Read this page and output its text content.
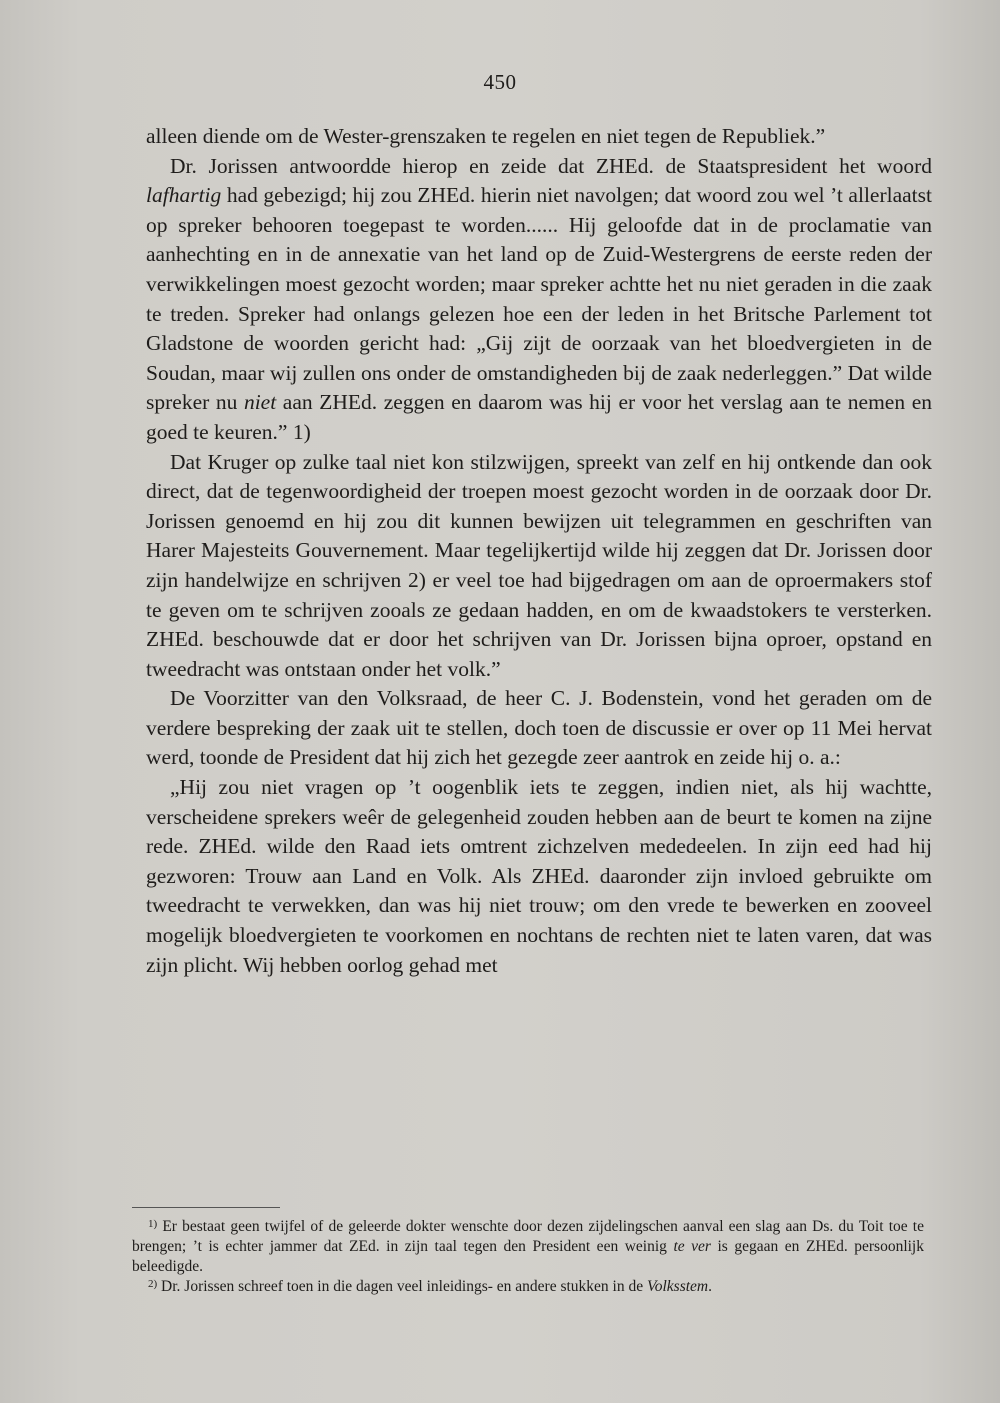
450

alleen diende om de Wester-grenszaken te regelen en niet tegen de Republiek.”

Dr. Jorissen antwoordde hierop en zeide dat ZHEd. de Staatspresident het woord lafhartig had gebezigd; hij zou ZHEd. hierin niet navolgen; dat woord zou wel ’t allerlaatst op spreker behooren toegepast te worden...... Hij geloofde dat in de proclamatie van aanhechting en in de annexatie van het land op de Zuid-Westergrens de eerste reden der verwikkelingen moest gezocht worden; maar spreker achtte het nu niet geraden in die zaak te treden. Spreker had onlangs gelezen hoe een der leden in het Britsche Parlement tot Gladstone de woorden gericht had: „Gij zijt de oorzaak van het bloedvergieten in de Soudan, maar wij zullen ons onder de omstandigheden bij de zaak nederleggen.” Dat wilde spreker nu niet aan ZHEd. zeggen en daarom was hij er voor het verslag aan te nemen en goed te keuren.” 1)

Dat Kruger op zulke taal niet kon stilzwijgen, spreekt van zelf en hij ontkende dan ook direct, dat de tegenwoordigheid der troepen moest gezocht worden in de oorzaak door Dr. Jorissen genoemd en hij zou dit kunnen bewijzen uit telegrammen en geschriften van Harer Majesteits Gouvernement. Maar tegelijkertijd wilde hij zeggen dat Dr. Jorissen door zijn handelwijze en schrijven 2) er veel toe had bijgedragen om aan de oproermakers stof te geven om te schrijven zooals ze gedaan hadden, en om de kwaadstokers te versterken. ZHEd. beschouwde dat er door het schrijven van Dr. Jorissen bijna oproer, opstand en tweedracht was ontstaan onder het volk.”

De Voorzitter van den Volksraad, de heer C. J. Bodenstein, vond het geraden om de verdere bespreking der zaak uit te stellen, doch toen de discussie er over op 11 Mei hervat werd, toonde de President dat hij zich het gezegde zeer aantrok en zeide hij o. a.:

„Hij zou niet vragen op ’t oogenblik iets te zeggen, indien niet, als hij wachtte, verscheidene sprekers weêr de gelegenheid zouden hebben aan de beurt te komen na zijne rede. ZHEd. wilde den Raad iets omtrent zichzelven mededeelen. In zijn eed had hij gezworen: Trouw aan Land en Volk. Als ZHEd. daaronder zijn invloed gebruikte om tweedracht te verwekken, dan was hij niet trouw; om den vrede te bewerken en zooveel mogelijk bloedvergieten te voorkomen en nochtans de rechten niet te laten varen, dat was zijn plicht. Wij hebben oorlog gehad met

$^{1)}$ Er bestaat geen twijfel of de geleerde dokter wenschte door dezen zijdelingschen aanval een slag aan Ds. du Toit toe te brengen; ’t is echter jammer dat ZEd. in zijn taal tegen den President een weinig te ver is gegaan en ZHEd. persoonlijk beleedigde.

$^{2)}$ Dr. Jorissen schreef toen in die dagen veel inleidings- en andere stukken in de Volksstem.
